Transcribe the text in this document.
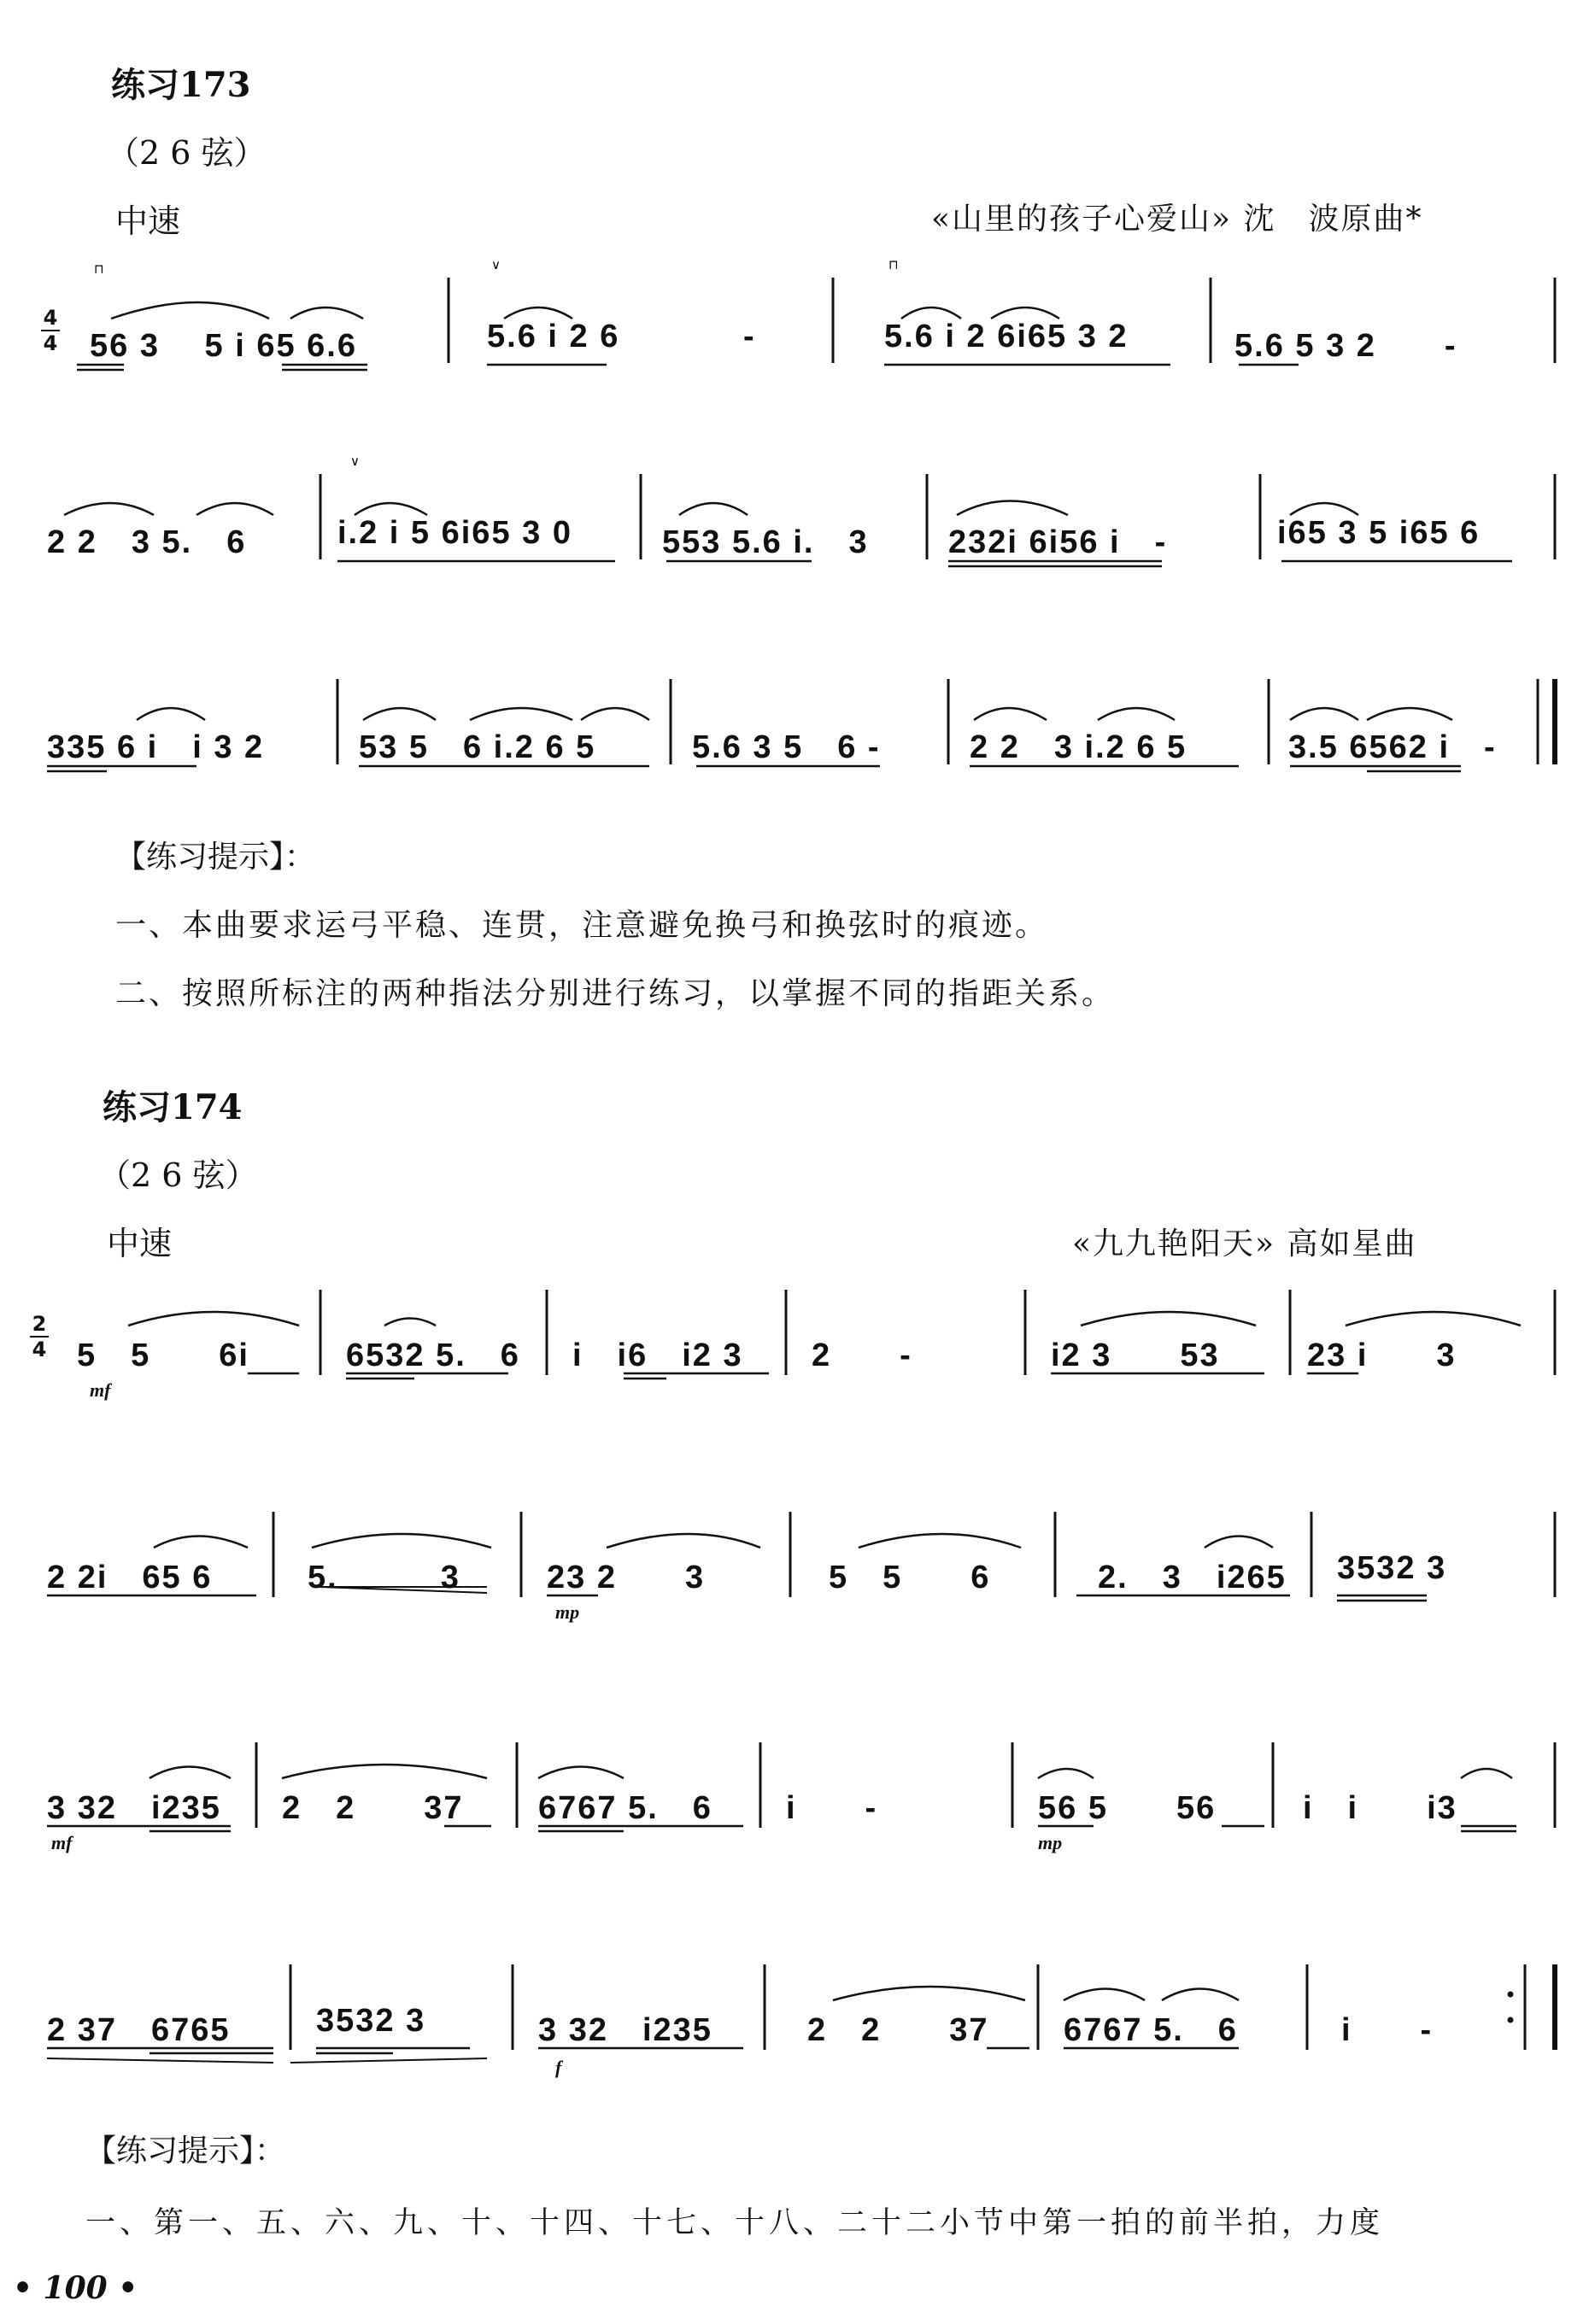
练习173
（2 6 弦）
中速	«山里的孩子心爱山» 沈　波原曲*
4
4
⊓	∨	⊓
56 3　 5 i 65 6.6	5.6 i 2 6	-	5.6 i 2 6i65 3 2	5.6 5 3 2　　-
∨
2 2　3 5.　6	i.2 i 5 6i65 3 0	553 5.6 i.　3 232i 6i56 i　-	i65 3 5 i65 6
335 6 i　i 3 2	53 5　6 i.2 6 5	5.6 3 5　6 -	2 2　3 i.2 6 5	3.5 6562 i　-
【练习提示】：
一、本曲要求运弓平稳、连贯，注意避免换弓和换弦时的痕迹。
二、按照所标注的两种指法分别进行练习，以掌握不同的指距关系。
练习174
（2 6 弦）
中速	«九九艳阳天» 高如星曲
2
4 5　5　　6i	6532 5.　6 i　i6　i2 3 2　　-	i2 3　　53	23 i　　3
mf
2 2i　65 6	5.　　　3	23 2　　3	5　5　　6	2.　3　i265 3532 3
mp
3 32　i235 2　2　　37 6767 5.　6 i　　-	56 5　　56	i　i　　i3
mf	mp
2 37　6765	3532 3	3 32　i235	2　2　　37 6767 5.　6	i　　-
f
【练习提示】：
一、第一、五、六、九、十、十四、十七、十八、二十二小节中第一拍的前半拍，力度
• 100 •
